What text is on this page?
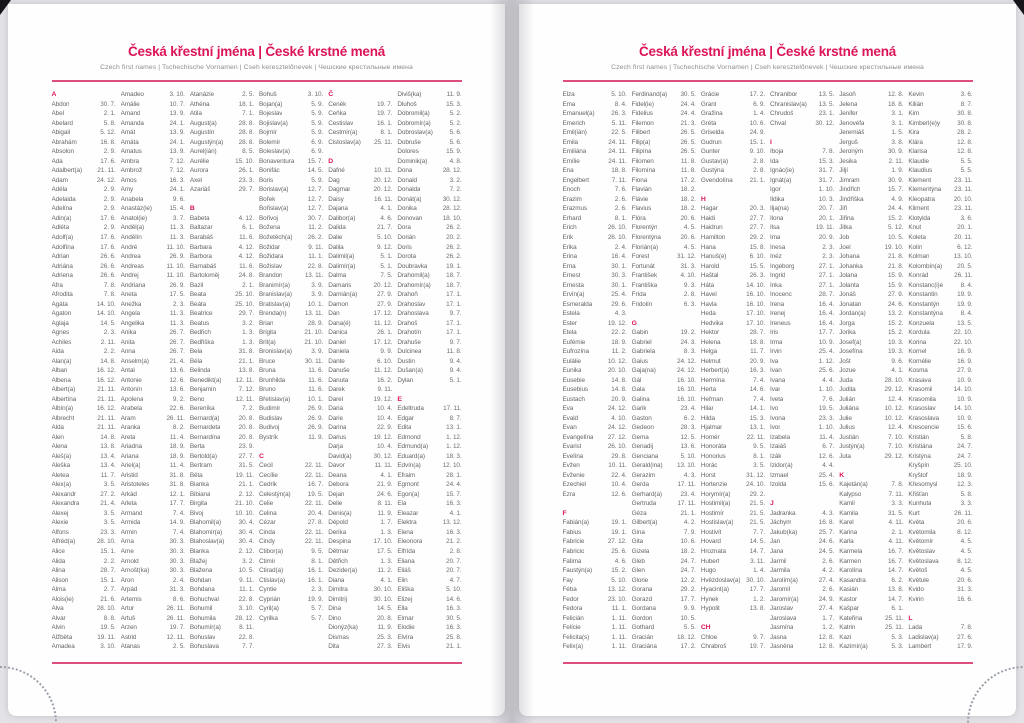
Česká křestní jména | České krstné mená
Czech first names | Tschechische Vornamen | Cseh keresztelőnevek | Чешские крестильные имена
A
Abdon	30. 7.
Ábel	2. 1.
Abelard	5. 8.
Abigail	5. 12.
Abrahám	16. 8.
Absolon	2. 9.
Ada	17. 6.
Adalbert(a) 21. 11.
Adam	24. 12.
Adéla	2. 9.
Adelaida	2. 9.
Adelína	2. 9.
Adin(a)	17. 6.
Adléta	2. 9.
Adolf(a)	17. 6.
Adolfína	17. 6.
Adrian	26. 6.
Adriána	26. 6.
Adriena	26. 6.
Afra	7. 8.
Afrodita	7. 8.
Agáta	14. 10.
Agaton	14. 10.
Aglaja	14. 5.
Agnes	2. 3.
Achiles	2. 11.
Aida	2. 2.
Alan(a)	14. 8.
Alban	16. 12.
Albena	16. 12.
Albert(a)	21. 11.
Albertína	21. 11.
Albín(a)	16. 12.
Albrecht	21. 11.
Alda	21. 11.
Alen	14. 8.
Alena	13. 8.
Aleš(a)	13. 4.
Aleška	13. 4.
Aletea	11. 7.
Alex(a)	3. 5.
Alexandr	27. 2.
Alexandra	21. 4.
Alexej	3. 5.
Alexie	3. 5.
Alfons	23. 3.
Alfréd(a)	28. 10.
Alice	15. 1.
Alida	2. 2.
Alina	28. 7.
Alison	15. 1.
Alma	2. 7.
Alois(ie)	21. 6.
Alva	28. 10.
Alvar	8. 8.
Alvin	19. 5.
Alžběta	19. 11.
Amadea	3. 10.
Amadeo	3. 10.
Amálie	10. 7.
Amand	13. 9.
Amanda	24. 1.
Amát	13. 9.
Amáta	24. 1.
Amatus	13. 9.
Ambra	7. 12.
Ambrož	7. 12.
Ámos	16. 3.
Amy	24. 1.
Anabela	9. 6.
Anastáz(ie)	15. 4.
Anatol(ie)	3. 7.
Anděl(a)	11. 3.
Andělín	11. 3.
André	11. 10.
Andrea	26. 9.
Andreas	11. 10.
Andrej	11. 10.
Andriana	26. 9.
Aneta	17. 5.
Anežka	2. 3.
Angela	11. 3.
Angelika	11. 3.
Anika	26. 7.
Anita	26. 7.
Anna	26. 7.
Anselm(a)	21. 4.
Antal	13. 6.
Antonie	12. 6.
Antonín	13. 6.
Apolena	9. 2.
Arabela	22. 6.
Aram	26. 11.
Aranka	8. 2.
Areta	11. 4.
Ariadna	18. 9.
Ariana	18. 9.
Ariel(a)	11. 4.
Aristid	31. 8.
Aristoteles	31. 8.
Arkád	12. 1.
Arleta	17. 7.
Armand	7. 4.
Armida	14. 9.
Armin	7. 4.
Arna	30. 3.
Arne	30. 3.
Arnold	30. 3.
Arnošt(ka)	30. 3.
Áron	2. 4.
Árpád	31. 3.
Artemis	8. 6.
Artur	26. 11.
Artuš	26. 11.
Arzen	19. 7.
Astrid	12. 11.
Atanas	2. 5.
Atanázie	2. 5.
Athéna	18. 1.
Atila	7. 1.
August(a)	28. 8.
Augustín	28. 8.
Augustýn(a) 28. 8.
Aurel(ián)	8. 5.
Aurélie	15. 10.
Aurora	26. 1.
Axel	23. 3.
Azariáš	29. 7.
B
Babeta	4. 12.
Baltazar	6. 1.
Barabáš	11. 6.
Barbara	4. 12.
Barbora	4. 12.
Barnabáš	11. 6.
Bartoloměj	24. 8.
Bazil	2. 1.
Beata	25. 10.
Beáta	25. 10.
Beatrice	29. 7.
Beatus	3. 2.
Bedřich	1. 3.
Bedřiška	1. 3.
Bela	31. 8.
Béla	21. 1.
Belinda	13. 8.
Benedikt(a) 12. 11.
Benjamín	7. 12.
Beno	12. 11.
Bereníka	7. 2.
Bernard(a)	20. 8.
Bernardeta	20. 8.
Bernardína	20. 8.
Berta	23. 9.
Bertold(a)	27. 7.
Bertram	31. 5.
Běta	19. 11.
Bianka	21. 1.
Bibiana	2. 12.
Birgita	21. 10.
Bivoj	10. 10.
Blahomil(a)	30. 4.
Blahomír(a)	30. 4.
Blahoslav(a) 30. 4.
Blanka	2. 12.
Blažej	3. 2.
Blažena	10. 5.
Bohdan	9. 11.
Bohdana	11. 1.
Bohuchval	22. 8.
Bohumil	3. 10.
Bohumila	28. 12.
Bohumír(a)	8. 11.
Bohuslav	22. 8.
Bohuslava	7. 7.
Bohuš	3. 10.
Bojan(a)	5. 9.
Bojeslav	5. 9.
Bojislav(a)	5. 9.
Bojmír	5. 9.
Bolemír	6. 9.
Boleslav(a)	6. 9.
Bonaventura 15. 7.
Bonifác	14. 5.
Boris	5. 9.
Borislav(a)	12. 7.
Bořek	12. 7.
Bořislav(a)	12. 7.
Bořivoj	30. 7.
Božena	11. 2.
Božetěch(a) 26. 2.
Božidar	9. 11.
Božidara	11. 1.
Božislav	22. 8.
Brandon	13. 11.
Branimír(a)	3. 9.
Branislav(a)	3. 9.
Bratislav(a)	10. 1.
Brenda(n)	13. 11.
Brian	28. 9.
Brigita	21. 10.
Brit(a)	21. 10.
Bronislav(a)	3. 9.
Bruce	30. 11.
Bruna	11. 6.
Brunhilda	11. 6.
Bruno	11. 6.
Břetislav(a)	10. 1.
Budimír	26. 9.
Budislav	26. 9.
Budivoj	26. 9.
Bystrík	11. 9.
C
Cecil	22. 11.
Cecílie	22. 11.
Cedrik	16. 7.
Celestýn(a)	19. 5.
Celie	22. 11.
Celina	20. 4.
Cézar	27. 8.
Cinda	22. 11.
Cindy	22. 11.
Ctibor(a)	9. 5.
Ctimír	8. 1.
Ctirad(a)	16. 1.
Ctislav(a)	16. 1.
Cyntie	2. 3.
Cyprián	19. 9.
Cyril(a)	5. 7.
Cyrilka	5. 7.
Č
Čeněk	19. 7.
Čeňka	19. 7.
Čestislav	16. 1.
Čestmír(a)	8. 1.
Čistoslav(a) 25. 11.
D
Dafné	10. 11.
Dag	20. 12.
Dagmar	20. 12.
Daisy	16. 11.
Dajana	4. 1.
Dalibor(a)	4. 6.
Dalida	21. 7.
Dalie	5. 10.
Dalila	9. 12.
Dalimil(a)	5. 1.
Dalimír(a)	5. 1.
Dalma	7. 5.
Damaris	20. 12.
Damián(a)	27. 9.
Damon	27. 9.
Dan	17. 12.
Dana(é)	11. 12.
Danica	26. 1.
Daniel	17. 12.
Daniela	9. 9.
Dante	6. 10.
Danuše	11. 12.
Danuta	16. 2.
Darek	9. 11.
Darel	19. 12.
Daria	10. 4.
Darie	10. 4.
Darina	22. 9.
Darius	19. 12.
Darja	10. 4.
David(a)	30. 12.
Davor	11. 11.
Deana	4. 1.
Debora	21. 9.
Dejan	24. 6.
Delie	8. 11.
Denis(a)	11. 9.
Dépold	1. 7.
Derika	1. 3.
Despina	17. 10.
Dětmar	17. 5.
Dětřich	1. 3.
Dezider(a)	11. 2.
Diana	4. 1.
Dimitra	30. 10.
Dimitrij	30. 10.
Dina	14. 5.
Dino	20. 8.
Dionýz(ka)	11. 9.
Dismas	25. 3.
Dita	27. 3.
Diviš(ka)	11. 9.
Dluhoš	15. 3.
Dobromil(a)	5. 2.
Dobromír(a)	5. 2.
Dobroslav(a)	5. 6.
Dobruše	5. 6.
Dolores	15. 9.
Dominik(a)	4. 8.
Dona	28. 12.
Donald	3. 2.
Donalda	7. 2.
Donát(a)	30. 12.
Donika	28. 12.
Donovan	18. 10.
Dora	26. 2.
Dorián	20. 2.
Doris	26. 2.
Dorota	26. 2.
Doubravka	19. 1.
Drahomil(a)	18. 7.
Drahomír(a) 18. 7.
Drahoň	17. 1.
Drahoslav	17. 1.
Drahoslava	9. 7.
Drahoš	17. 1.
Drahotín	17. 1.
Drahuše	9. 7.
Dulcinea	11. 8.
Dustin	9. 4.
Dušan(a)	9. 4.
Dylan	5. 1.
E
Edeltruda	17. 11.
Edgar	8. 7.
Edita	13. 1.
Edmond	1. 12.
Edmund(a)	1. 12.
Eduard(a)	18. 3.
Edvín(a)	12. 10.
Efraim	28. 1.
Egmont	24. 4.
Egon(a)	15. 7.
Ela	16. 3.
Eleazar	4. 1.
Elektra	13. 12.
Elena	16. 3.
Eleonora	21. 2.
Elfrída	2. 8.
Eliana	20. 7.
Eliáš	20. 7.
Elin	4. 7.
Eliška	5. 10.
Elizej	14. 6.
Ella	16. 3.
Elmar	30. 5.
Elodie	16. 3.
Elvíra	25. 8.
Elvis	21. 1.
Česká křestní jména | České krstné mená
Czech first names | Tschechische Vornamen | Cseh keresztelőnevek | Чешские крестильные имена
Elza	5. 10.
Ema	8. 4.
Emanuel(a)	26. 3.
Emerich	5. 11.
Emil(ián)	22. 5.
Emila	24. 11.
Emiliána	24. 11.
Emílie	24. 11.
Ena	18. 8.
Engelbert	7. 11.
Enoch	7. 6.
Erazim	2. 6.
Erazmus	2. 6.
Erhard	8. 1.
Erich	26. 10.
Erik	26. 10.
Erika	2. 4.
Erina	16. 4.
Erna	30. 1.
Ernest	30. 3.
Ernesta	30. 1.
Ervín(a)	25. 4.
Esmeralda	29. 6.
Estela	4. 3.
Ester	19. 12.
Etela	22. 2.
Eufémie	18. 9.
Eufrozína	11. 2.
Eulálie	10. 12.
Eunika	20. 10.
Eusebie	14. 8.
Eusebius	14. 8.
Eustach	20. 9.
Eva	24. 12.
Evald	4. 10.
Evan	24. 12.
Evangelína 27. 12.
Evarist	26. 10.
Evelína	29. 8.
Evžen	10. 11.
Evženie	22. 4.
Ezechiel	10. 4.
Ezra	12. 6.
F
Fabián(a)	19. 1.
Fabius	19. 1.
Fabricie	27. 12.
Fabricio	25. 6.
Fatima	4. 6.
Faustýn(a)	15. 2.
Fay	5. 10.
Féba	13. 12.
Fedor	23. 10.
Fedora	11. 1.
Felicián	1. 11.
Felície	1. 11.
Felicita(s)	1. 11.
Felix(a)	1. 11.
Ferdinand(a) 30. 5.
Fidel(ie)	24. 4.
Fidelius	24. 4.
Filemon	21. 3.
Filibert	26. 5.
Filip(a)	26. 5.
Filipína	26. 5.
Filomen	11. 8.
Filomína	11. 8.
Fiona	17. 2.
Flavián	18. 2.
Flávie	18. 2.
Flavius	18. 2.
Flóra	20. 6.
Florentýn	4. 5.
Florentýna	20. 6.
Florián(a)	4. 5.
Forest	31. 12.
Fortunát	31. 3.
František	4. 10.
Františka	9. 3.
Frída	2. 8.
Fridolín	6. 3.
G
Gabin	19. 2.
Gabriel	24. 3.
Gabriela	8. 3.
Gaius	24. 12.
Gaja(na)	24. 12.
Gál	16. 10.
Gala	16. 10.
Galina	16. 10.
Garik	23. 4.
Gaston	6. 2.
Gedeon	28. 3.
Gema	12. 5.
Genadij	13. 6.
Genciana	5. 10.
Gerald(ina) 13. 10.
Gerazim	4. 3.
Gerda	17. 11.
Gerhard(a)	23. 4.
Gertruda	17. 11.
Géza	21. 1.
Gilbert(a)	4. 2.
Gina	7. 9.
Gita	10. 6.
Gizela	18. 2.
Gleb	24. 7.
Glen	24. 7.
Glorie	12. 2.
Gorana	29. 2.
Gorazd	17. 7.
Gordana	9. 9.
Gordon	10. 5.
Gothard	5. 5.
Gracián	18. 12.
Graciána	17. 2.
Grácie	17. 2.
Grant	6. 9.
Gražina	1. 4.
Gréta	10. 6.
Griselda	24. 9.
Gudrun	15. 1.
Gunter	9. 10.
Gustav(a)	2. 8.
Gustýna	2. 8.
Gvendolína	21. 1.
H
Hagar	20. 3.
Haidi	27. 7.
Haidrun	27. 7.
Hamilton	29. 2.
Hana	15. 8.
Hanuš(e)	6. 10.
Harold	15. 5.
Haštal	26. 3.
Háta	14. 10.
Havel	16. 10.
Havla	16. 10.
Heda	17. 10.
Hedvika	17. 10.
Hektor	28. 7.
Helena	18. 8.
Helga	11. 7.
Helmut	20. 9.
Herbert(a)	16. 3.
Hermína	7. 4.
Herta	14. 6.
Heřman	7. 4.
Hilar	14. 1.
Hilda	15. 3.
Hjalmar	13. 1.
Homér	22. 11.
Honoráta	9. 5.
Honorius	8. 1.
Horác	3. 5.
Horst	31. 12.
Hortenzie	24. 10.
Horymír(a)	29. 2.
Hostimil(a)	21. 5.
Hostimír	21. 5.
Hostislav(a)	21. 5.
Hostivít	7. 7.
Hovard	14. 5.
Hroznata	14. 7.
Hubert	3. 11.
Hugo	1. 4.
Hvězdoslav(a) 30. 10.
Hyacint(a)	17. 7.
Hynek	1. 2.
Hypolit	13. 8.
CH
Chloe	9. 7.
Chrabroš	19. 7.
Chranibor	13. 5.
Chranislav(a) 13. 5.
Chrudoš	23. 1.
Chval	30. 12.
I
Iboja	7. 8.
Ida	15. 3.
Ignác(ie)	31. 7.
Ignát(a)	31. 7.
Igor	1. 10.
Ildika	10. 3.
Ilja(na)	20. 7.
Ilona	20. 1.
Ilsa	19. 11.
Ima	20. 9.
Inesa	2. 3.
Inéz	2. 3.
Ingeborg	27. 1.
Ingrid	27. 1.
Inka	27. 1.
Inocenc	28. 7.
Irena	16. 4.
Irenej	16. 4.
Ireneus	16. 4.
Iris	17. 7.
Irma	10. 9.
Irvin	25. 4.
Iva	1. 12.
Ivan	25. 6.
Ivana	4. 4.
Ivar	1. 10.
Iveta	7. 6.
Ivo	19. 5.
Ivona	23. 3.
Ivor	1. 10.
Izabela	11. 4.
Izaiáš	6. 7.
Izák	12. 6.
Izidor(a)	4. 4.
Izmael	25. 4.
Izolda	15. 6.
J
Jadranka	4. 3.
Jáchym	16. 8.
Jakub(ka)	25. 7.
Jan	24. 6.
Jana	24. 5.
Jarmil	2. 6.
Jarmila	4. 2.
Jarolím(a)	27. 4.
Jaromil	2. 6.
Jaromír(a)	24. 9.
Jaroslav	27. 4.
Jaroslava	1. 7.
Jasmína	1. 2.
Jasna	12. 8.
Jasněna	12. 8.
Jasoň	12. 8.
Jelena	18. 8.
Jenifer	3. 1.
Jenovéfa	3. 1.
Jeremiáš	1. 5.
Jerguš	3. 8.
Jeroným	30. 9.
Jesika	2. 11.
Jiljí	1. 9.
Jimram	30. 9.
Jindřich	15. 7.
Jindřiška	4. 9.
Jiří	24. 4.
Jiřina	15. 2.
Jitka	5. 12.
Job	10. 5.
Joel	19. 10.
Johana	21. 8.
Johanka	21. 8.
Jolana	15. 9.
Jolanta	15. 9.
Jonáš	27. 9.
Jonatan	24. 6.
Jordan(a)	13. 2.
Jorga	15. 2.
Jorika	15. 2.
Josef(a)	19. 3.
Josefína	19. 3.
Jošt	9. 6.
Jozue	4. 1.
Juda	28. 10.
Judita	29. 12.
Julián	12. 4.
Juliána	10. 12.
Julie	10. 12.
Julius	12. 4.
Justián	7. 10.
Justýn(a)	7. 10.
Juta	29. 12.
K
Kajetán(a)	7. 8.
Kalypso	7. 11.
Kamil	3. 3.
Kamila	31. 5.
Karel	4. 11.
Karina	2. 1.
Karla	4. 11.
Karmela	16. 7.
Karmen	16. 7.
Karolína	14. 7.
Kasandra	6. 2.
Kasián	13. 8.
Kastor	14. 7.
Kašpar	6. 1.
Kateřina	25. 11.
Katrin	25. 11.
Kazi	5. 3.
Kazimír(a)	5. 3.
Kevin	3. 6.
Kilián	8. 7.
Kim	30. 8.
Kimberl(e)y	30. 8.
Kira	28. 2.
Klára	12. 8.
Klarisa	12. 8.
Klaudie	5. 5.
Klaudius	5. 5.
Klement	23. 11.
Klementýna 23. 11.
Kleopatra	20. 10.
Kliment	23. 11.
Klotylda	3. 6.
Knut	20. 1.
Koleta	20. 11.
Kolín	6. 12.
Kolman	13. 10.
Kolombín(a) 20. 5.
Konrád	26. 11.
Konstanc(i)e	8. 4.
Konstantin	19. 9.
Konstantýn	19. 9.
Konstantýna	8. 4.
Konzuela	13. 5.
Kordula	22. 10.
Korina	22. 10.
Kornel	16. 9.
Kornélie	16. 9.
Kosma	27. 9.
Krasava	10. 9.
Krasomil	14. 10.
Krasomila	10. 9.
Krasoslav	14. 10.
Krasoslava	10. 9.
Krescencie	15. 6.
Kristián	5. 8.
Kristiána	24. 7.
Kristýna	24. 7.
Kryšpín	25. 10.
Kryštof	18. 9.
Křesomysl	12. 3.
Křišťan	5. 8.
Kunhuta	3. 3.
Kurt	26. 11.
Květa	20. 6.
Květomila	8. 12.
Květomír	4. 5.
Květoslav	4. 5.
Květoslava	8. 12.
Květoš	4. 5.
Květule	20. 6.
Kvido	31. 3.
Kvirin	16. 6.
L
Lada	7. 8.
Ladislav(a)	27. 6.
Lambert	17. 9.
